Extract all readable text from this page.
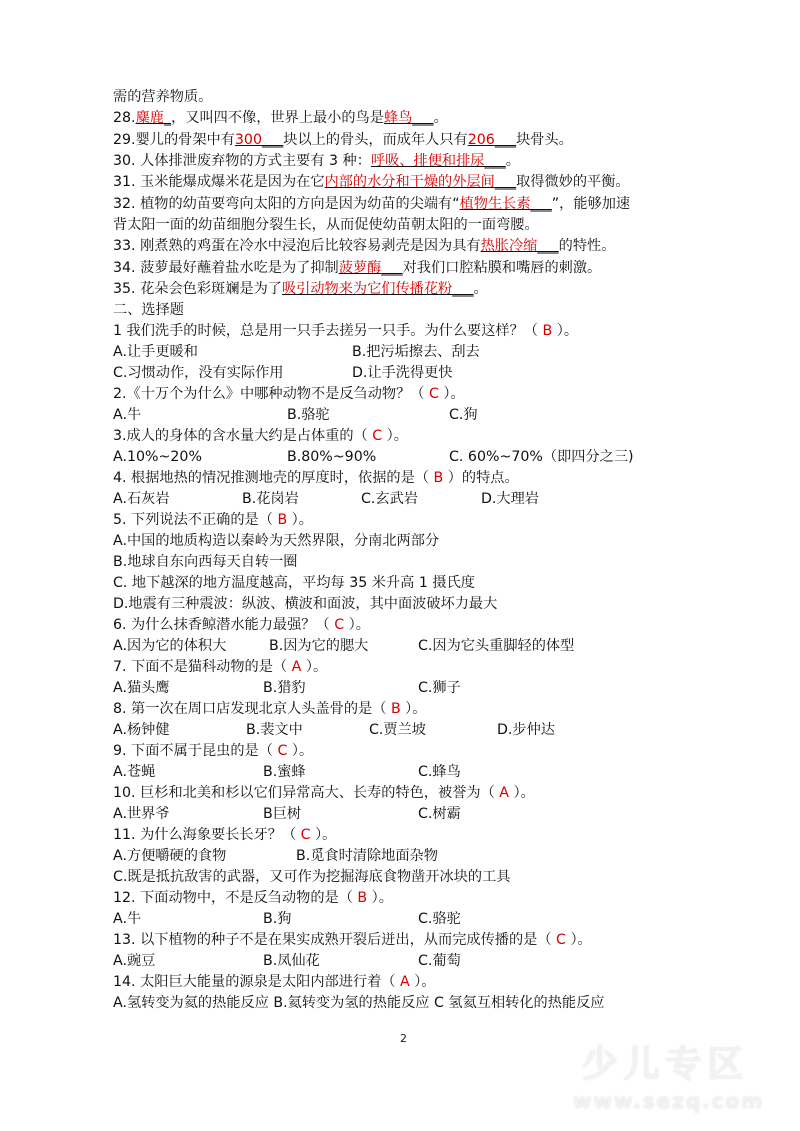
需的营养物质。
28.麋鹿_，又叫四不像，世界上最小的鸟是蜂鸟___。
29.婴儿的骨架中有300___块以上的骨头，而成年人只有206___块骨头。
30. 人体排泄废弃物的方式主要有 3 种：呼吸、排便和排尿___。
31. 玉米能爆成爆米花是因为在它内部的水分和干燥的外层间___取得微妙的平衡。
32. 植物的幼苗要弯向太阳的方向是因为幼苗的尖端有“植物生长素___”，能够加速
背太阳一面的幼苗细胞分裂生长，从而促使幼苗朝太阳的一面弯腰。
33. 刚煮熟的鸡蛋在冷水中浸泡后比较容易剥壳是因为具有热胀冷缩___的特性。
34. 菠萝最好蘸着盐水吃是为了抑制菠萝酶___对我们口腔粘膜和嘴唇的刺激。
35. 花朵会色彩斑斓是为了吸引动物来为它们传播花粉___。
二、选择题
1 我们洗手的时候，总是用一只手去搓另一只手。为什么要这样？（ B ）。
A.让手更暖和	B.把污垢擦去、刮去
C.习惯动作，没有实际作用	D.让手洗得更快
2.《十万个为什么》中哪种动物不是反刍动物？（ C ）。
A.牛	B.骆驼	C.狗
3.成人的身体的含水量大约是占体重的（ C ）。
A.10%~20%	B.80%~90%	C. 60%~70%（即四分之三)
4. 根据地热的情况推测地壳的厚度时，依据的是（ B ）的特点。
A.石灰岩	B.花岗岩	C.玄武岩	D.大理岩
5. 下列说法不正确的是（ B ）。
A.中国的地质构造以秦岭为天然界限，分南北两部分
B.地球自东向西每天自转一圈
C. 地下越深的地方温度越高，平均每 35 米升高 1 摄氏度
D.地震有三种震波：纵波、横波和面波，其中面波破坏力最大
6. 为什么抹香鲸潜水能力最强？（ C ）。
A.因为它的体积大	B.因为它的腮大	C.因为它头重脚轻的体型
7. 下面不是猫科动物的是（ A ）。
A.猫头鹰	B.猎豹	C.狮子
8. 第一次在周口店发现北京人头盖骨的是（ B ）。
A.杨钟健	B.裴文中	C.贾兰坡	D.步仲达
9. 下面不属于昆虫的是（ C ）。
A.苍蝇	B.蜜蜂	C.蜂鸟
10. 巨杉和北美和杉以它们异常高大、长寿的特色，被誉为（ A ）。
A.世界爷	B巨树	C.树霸
11. 为什么海象要长长牙？（ C ）。
A.方便嚼硬的食物	B.觅食时清除地面杂物
C.既是抵抗敌害的武器，又可作为挖掘海底食物凿开冰块的工具
12. 下面动物中，不是反刍动物的是（ B ）。
A.牛	B.狗	C.骆驼
13. 以下植物的种子不是在果实成熟开裂后迸出，从而完成传播的是（ C ）。
A.豌豆	B.凤仙花	C.葡萄
14. 太阳巨大能量的源泉是太阳内部进行着（ A ）。
A.氢转变为氦的热能反应 B.氦转变为氢的热能反应 C 氢氦互相转化的热能反应
2
少儿专区
www.sezq.com
